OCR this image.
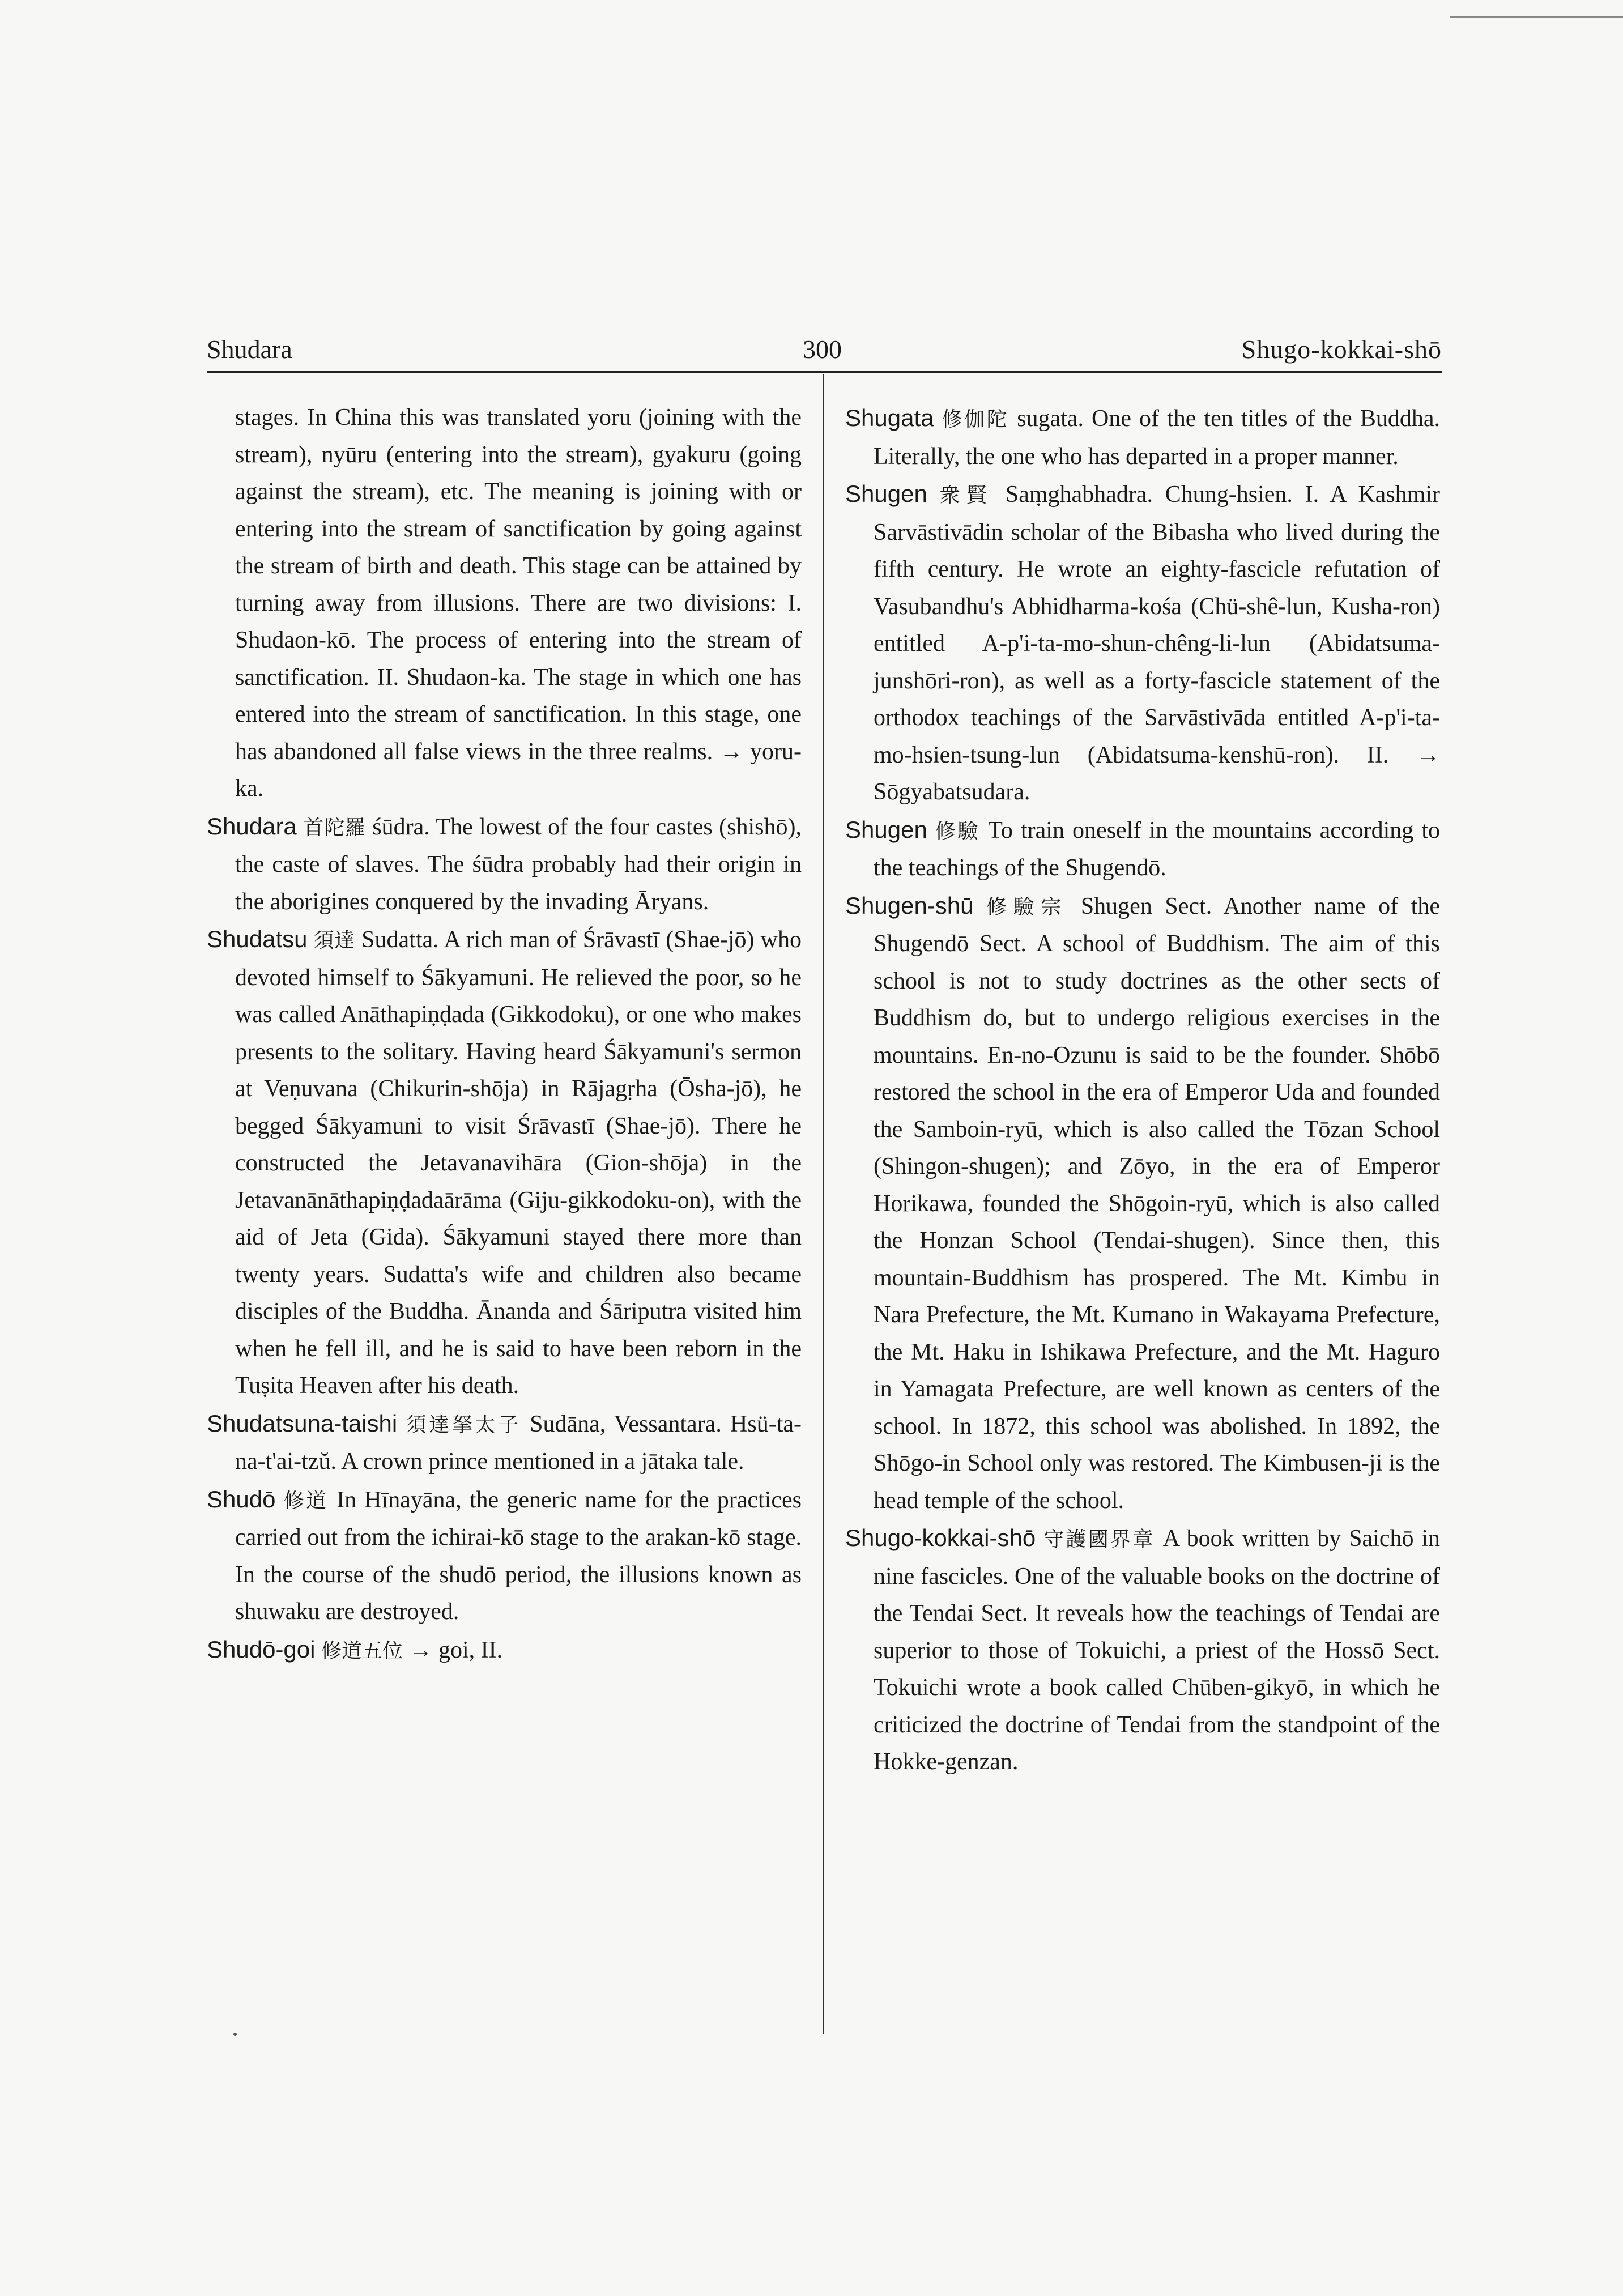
Shudara	300	Shugo-kokkai-shō

stages. In China this was translated yoru (joining with the stream), nyūru (entering into the stream), gyakuru (going against the stream), etc. The meaning is joining with or entering into the stream of sanctification by going against the stream of birth and death. This stage can be attained by turning away from illusions. There are two divisions: I. Shudaon-kō. The process of entering into the stream of sanctification. II. Shudaon-ka. The stage in which one has entered into the stream of sanctification. In this stage, one has abandoned all false views in the three realms. → yoru-ka.

Shudara 首陀羅 śūdra. The lowest of the four castes (shishō), the caste of slaves. The śūdra probably had their origin in the aborigines conquered by the invading Āryans.

Shudatsu 須達 Sudatta. A rich man of Śrāvastī (Shae-jō) who devoted himself to Śākyamuni. He relieved the poor, so he was called Anāthapiṇḍada (Gikkodoku), or one who makes presents to the solitary. Having heard Śākyamuni's sermon at Veṇuvana (Chikurin-shōja) in Rājagṛha (Ōsha-jō), he begged Śākyamuni to visit Śrāvastī (Shae-jō). There he constructed the Jetavanavihāra (Gion-shōja) in the Jetavanānāthapiṇḍadaārāma (Giju-gikkodoku-on), with the aid of Jeta (Gida). Śākyamuni stayed there more than twenty years. Sudatta's wife and children also became disciples of the Buddha. Ānanda and Śāriputra visited him when he fell ill, and he is said to have been reborn in the Tuṣita Heaven after his death.

Shudatsuna-taishi 須達拏太子 Sudāna, Vessantara. Hsü-ta-na-t'ai-tzŭ. A crown prince mentioned in a jātaka tale.

Shudō 修道 In Hīnayāna, the generic name for the practices carried out from the ichirai-kō stage to the arakan-kō stage. In the course of the shudō period, the illusions known as shuwaku are destroyed.

Shudō-goi 修道五位 → goi, II.

Shugata 修伽陀 sugata. One of the ten titles of the Buddha. Literally, the one who has departed in a proper manner.

Shugen 衆賢 Saṃghabhadra. Chung-hsien. I. A Kashmir Sarvāstivādin scholar of the Bibasha who lived during the fifth century. He wrote an eighty-fascicle refutation of Vasubandhu's Abhidharma-kośa (Chü-shê-lun, Kusha-ron) entitled A-p'i-ta-mo-shun-chêng-li-lun (Abidatsuma-junshōri-ron), as well as a forty-fascicle statement of the orthodox teachings of the Sarvāstivāda entitled A-p'i-ta-mo-hsien-tsung-lun (Abidatsuma-kenshū-ron). II. → Sōgyabatsudara.

Shugen 修驗 To train oneself in the mountains according to the teachings of the Shugendō.

Shugen-shū 修驗宗 Shugen Sect. Another name of the Shugendō Sect. A school of Buddhism. The aim of this school is not to study doctrines as the other sects of Buddhism do, but to undergo religious exercises in the mountains. En-no-Ozunu is said to be the founder. Shōbō restored the school in the era of Emperor Uda and founded the Samboin-ryū, which is also called the Tōzan School (Shingon-shugen); and Zōyo, in the era of Emperor Horikawa, founded the Shōgoin-ryū, which is also called the Honzan School (Tendai-shugen). Since then, this mountain-Buddhism has prospered. The Mt. Kimbu in Nara Prefecture, the Mt. Kumano in Wakayama Prefecture, the Mt. Haku in Ishikawa Prefecture, and the Mt. Haguro in Yamagata Prefecture, are well known as centers of the school. In 1872, this school was abolished. In 1892, the Shōgo-in School only was restored. The Kimbusen-ji is the head temple of the school.

Shugo-kokkai-shō 守護國界章 A book written by Saichō in nine fascicles. One of the valuable books on the doctrine of the Tendai Sect. It reveals how the teachings of Tendai are superior to those of Tokuichi, a priest of the Hossō Sect. Tokuichi wrote a book called Chūben-gikyō, in which he criticized the doctrine of Tendai from the standpoint of the Hokke-genzan.
